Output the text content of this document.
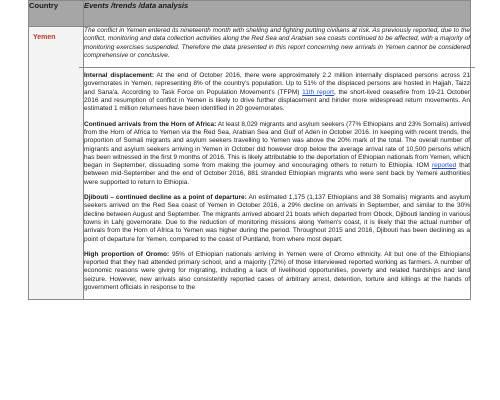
Country	Events /trends /data analysis

Yemen	The conflict in Yemen entered its nineteenth month with shelling and fighting putting civilians at risk. As previously reported, due to the conflict, monitoring and data collection activities along the Red Sea and Arabian sea coasts continued to be affected, with a majority of monitoring exercises suspended. Therefore the data presented in this report concerning new arrivals in Yemen cannot be considered comprehensive or conclusive.

Internal displacement: At the end of October 2016, there were approximately 2.2 million internally displaced persons across 21 governorates in Yemen, representing 8% of the country's population. Up to 51% of the displaced persons are hosted in Hajjah, Taizz and Sana'a. According to Task Force on Population Movement's (TFPM) 11th report, the short-lived ceasefire from 19-21 October 2016 and resumption of conflict in Yemen is likely to drive further displacement and hinder more widespread return movements. An estimated 1 million returnees have been identified in 20 governorates.

Continued arrivals from the Horn of Africa: At least 8,029 migrants and asylum seekers (77% Ethiopians and 23% Somalis) arrived from the Horn of Africa to Yemen via the Red Sea, Arabian Sea and Gulf of Aden in October 2016. In keeping with recent trends, the proportion of Somali migrants and asylum seekers travelling to Yemen was above the 20% mark of the total. The overall number of migrants and asylum seekers arriving in Yemen in October did however drop below the average arrival rate of 10,500 persons which has been witnessed in the first 9 months of 2016. This is likely attributable to the deportation of Ethiopian nationals from Yemen, which began in September, dissuading some from making the journey and encouraging others to return to Ethiopia. IOM reported that between mid-September and the end of October 2016, 881 stranded Ethiopian migrants who were sent back by Yemeni authorities were supported to return to Ethiopia.

Djibouti – continued decline as a point of departure: An estimated 1,175 (1,137 Ethiopians and 38 Somalis) migrants and asylum seekers arrived on the Red Sea coast of Yemen in October 2016, a 29% decline on arrivals in September, and similar to the 30% decline between August and September. The migrants arrived aboard 21 boats which departed from Obock, Djibouti landing in various towns in Lahj governorate. Due to the reduction of monitoring missions along Yemen's coast, it is likely that the actual number of arrivals from the Horn of Africa to Yemen was higher during the period. Throughout 2015 and 2016, Djibouti has been declining as a point of departure for Yemen, compared to the coast of Puntland, from where most depart.

High proportion of Oromo: 95% of Ethiopian nationals arriving in Yemen were of Oromo ethnicity. All but one of the Ethiopians reported that they had attended primary school, and a majority (72%) of those interviewed reported working as farmers. A number of economic reasons were giving for migrating, including a lack of livelihood opportunities, poverty and related hardships and land seizure. However, new arrivals also consistently reported cases of arbitrary arrest, detention, torture and killings at the hands of government officials in response to the
